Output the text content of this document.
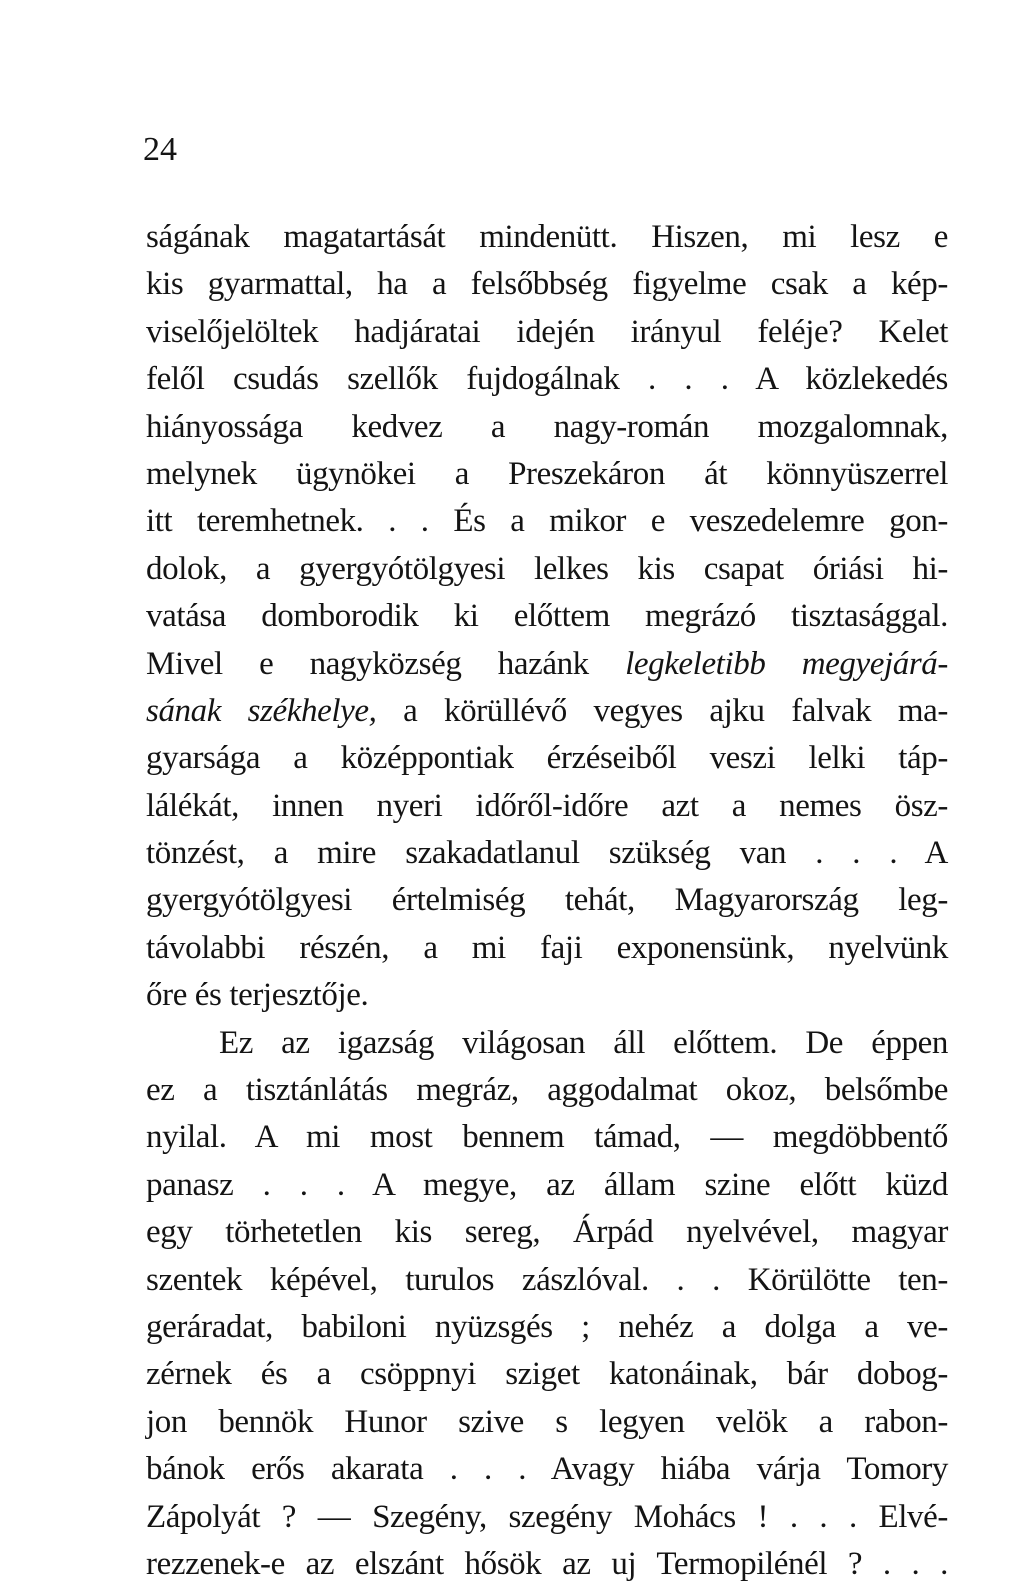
24
ságának magatartását mindenütt. Hiszen, mi lesz e
kis gyarmattal, ha a felsőbbség figyelme csak a kép-
viselőjelöltek hadjáratai idején irányul feléje? Kelet
felől csudás szellők fujdogálnak . . . A közlekedés
hiányossága kedvez a nagy-román mozgalomnak,
melynek ügynökei a Preszekáron át könnyüszerrel
itt teremhetnek. . . És a mikor e veszedelemre gon-
dolok, a gyergyótölgyesi lelkes kis csapat óriási hi-
vatása domborodik ki előttem megrázó tisztasággal.
Mivel e nagyközség hazánk legkeletibb megyejárá-
sának székhelye, a körüllévő vegyes ajku falvak ma-
gyarsága a középpontiak érzéseiből veszi lelki táp-
lálékát, innen nyeri időről-időre azt a nemes ösz-
tönzést, a mire szakadatlanul szükség van . . . A
gyergyótölgyesi értelmiség tehát, Magyarország leg-
távolabbi részén, a mi faji exponensünk, nyelvünk
őre és terjesztője.
Ez az igazság világosan áll előttem. De éppen
ez a tisztánlátás megráz, aggodalmat okoz, belsőmbe
nyilal. A mi most bennem támad, — megdöbbentő
panasz . . . A megye, az állam szine előtt küzd
egy törhetetlen kis sereg, Árpád nyelvével, magyar
szentek képével, turulos zászlóval. . . Körülötte ten-
geráradat, babiloni nyüzsgés ; nehéz a dolga a ve-
zérnek és a csöppnyi sziget katonáinak, bár dobog-
jon bennök Hunor szive s legyen velök a rabon-
bánok erős akarata . . . Avagy hiába várja Tomory
Zápolyát ? — Szegény, szegény Mohács ! . . . Elvé-
rezzenek-e az elszánt hősök az uj Termopilénél ? . . .
